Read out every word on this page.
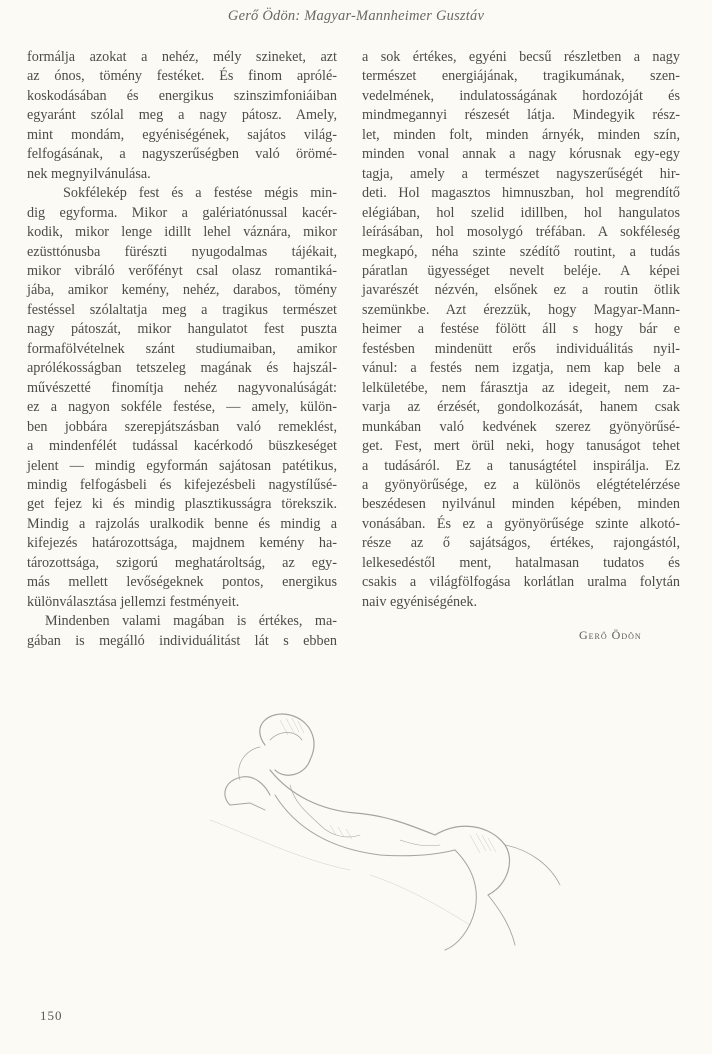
Gerő Ödön: Magyar-Mannheimer Gusztáv
formálja azokat a nehéz, mély szineket, azt
az ónos, tömény festéket. És finom aprólé-
koskodásában és energikus szinszimfoniáiban
egyaránt szólal meg a nagy pátosz. Amely,
mint mondám, egyéniségének, sajátos világ-
felfogásának, a nagyszerűségben való örömé-
nek megnyilvánulása.
Sokfélekép fest és a festése mégis min-
dig egyforma. Mikor a galériatónussal kacér-
kodik, mikor lenge idillt lehel váznára, mikor
ezüsttónusba fürészti nyugodalmas tájékait,
mikor vibráló verőfényt csal olasz romantiká-
jába, amikor kemény, nehéz, darabos, tömény
festéssel szólaltatja meg a tragikus természet
nagy pátoszát, mikor hangulatot fest puszta
formafölvételnek szánt studiumaiban, amikor
aprólékosságban tetszeleg magának és hajszál-
művészetté finomítja nehéz nagyvonalúságát:
ez a nagyon sokféle festése, — amely, külön-
ben jobbára szerepjátszásban való remeklést,
a mindenfélét tudással kacérkodó büszkeséget
jelent — mindig egyformán sajátosan patétikus,
mindig felfogásbeli és kifejezésbeli nagystílűsé-
get fejez ki és mindig plasztikusságra törekszik.
Mindig a rajzolás uralkodik benne és mindig a
kifejezés határozottsága, majdnem kemény ha-
tározottsága, szigorú meghatároltság, az egy-
más mellett levőségeknek pontos, energikus
különválasztása jellemzi festményeit.
Mindenben valami magában is értékes, ma-
gában is megálló individuálitást lát s ebben
a sok értékes, egyéni becsű részletben a nagy
természet energiájának, tragikumának, szen-
vedelmének, indulatosságának hordozóját és
mindmegannyi részesét látja. Mindegyik rész-
let, minden folt, minden árnyék, minden szín,
minden vonal annak a nagy kórusnak egy-egy
tagja, amely a természet nagyszerűségét hir-
deti. Hol magasztos himnuszban, hol megrendítő
elégiában, hol szelid idillben, hol hangulatos
leírásában, hol mosolygó tréfában. A sokféleség
megkapó, néha szinte szédítő routint, a tudás
páratlan ügyességet nevelt beléje. A képei
javarészét nézvén, elsőnek ez a routin ötlik
szemünkbe. Azt érezzük, hogy Magyar-Mann-
heimer a festése fölött áll s hogy bár e
festésben mindenütt erős individuálitás nyil-
vánul: a festés nem izgatja, nem kap bele a
lelkületébe, nem fárasztja az idegeit, nem za-
varja az érzését, gondolkozását, hanem csak
munkában való kedvének szerez gyönyörűsé-
get. Fest, mert örül neki, hogy tanuságot tehet
a tudásáról. Ez a tanuságtétel inspirálja. Ez
a gyönyörűsége, ez a különös elégtételérzése
beszédesen nyilvánul minden képében, minden
vonásában. És ez a gyönyörűsége szinte alkotó-
része az ő sajátságos, értékes, rajongástól,
lelkesedéstől ment, hatalmasan tudatos és
csakis a világfölfogása korlátlan uralma folytán
naiv egyéniségének.
Gerő Ödön
150
